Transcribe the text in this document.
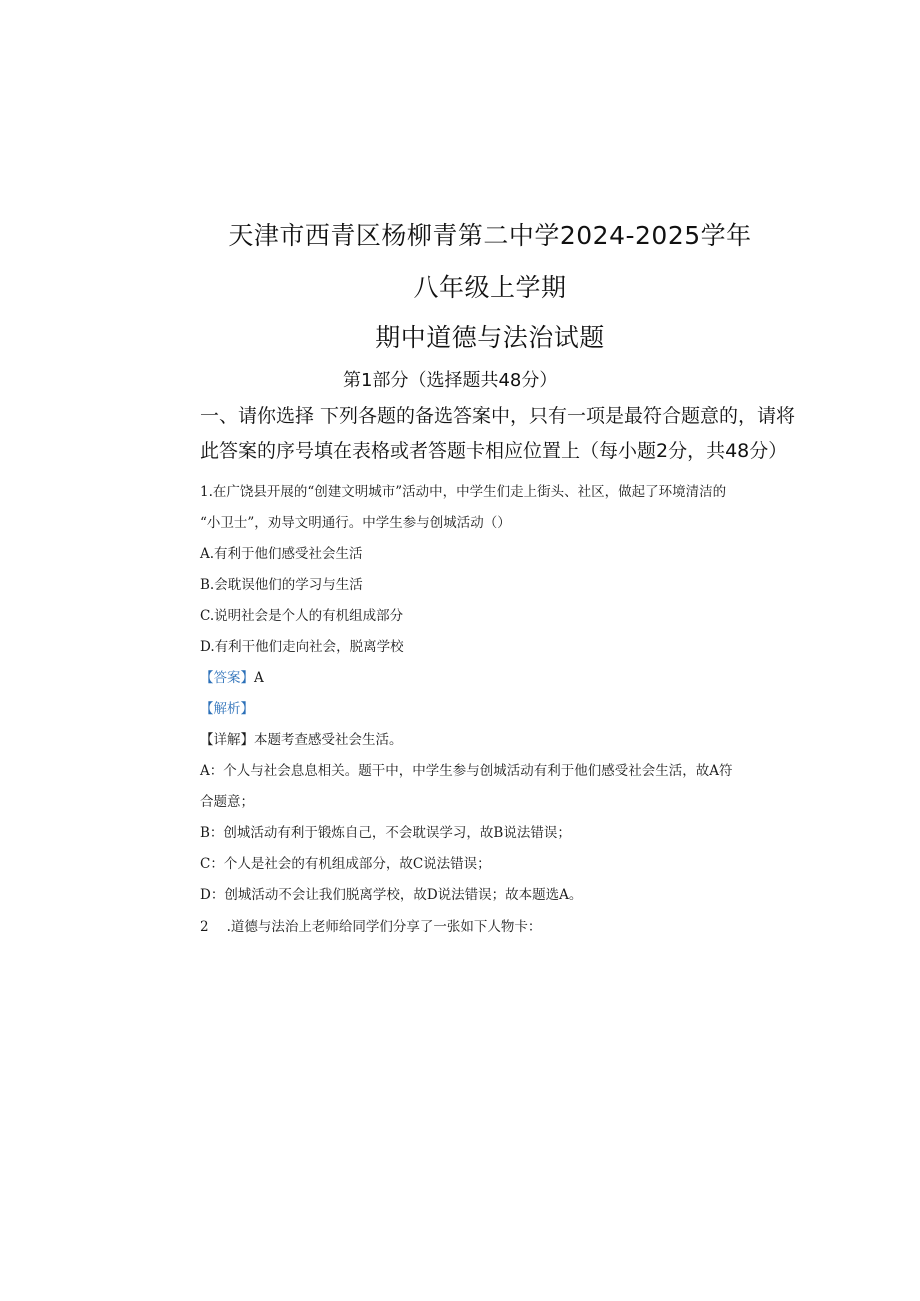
天津市西青区杨柳青第二中学2024-2025学年
八年级上学期
期中道德与法治试题
第1部分（选择题共48分）
一、请你选择 下列各题的备选答案中，只有一项是最符合题意的，请将
此答案的序号填在表格或者答题卡相应位置上（每小题2分，共48分）
1.在广饶县开展的“创建文明城市”活动中，中学生们走上街头、社区，做起了环境清洁的
“小卫士”，劝导文明通行。中学生参与创城活动（）
A.有利于他们感受社会生活
B.会耽误他们的学习与生活
C.说明社会是个人的有机组成部分
D.有利干他们走向社会，脱离学校
【答案】A
【解析】
【详解】本题考查感受社会生活。
A：个人与社会息息相关。题干中，中学生参与创城活动有利于他们感受社会生活，故A符
合题意；
B：创城活动有利于锻炼自己，不会耽误学习，故B说法错误；
C：个人是社会的有机组成部分，故C说法错误；
D：创城活动不会让我们脱离学校，故D说法错误；故本题选A。
2 .道德与法治上老师给同学们分享了一张如下人物卡：
